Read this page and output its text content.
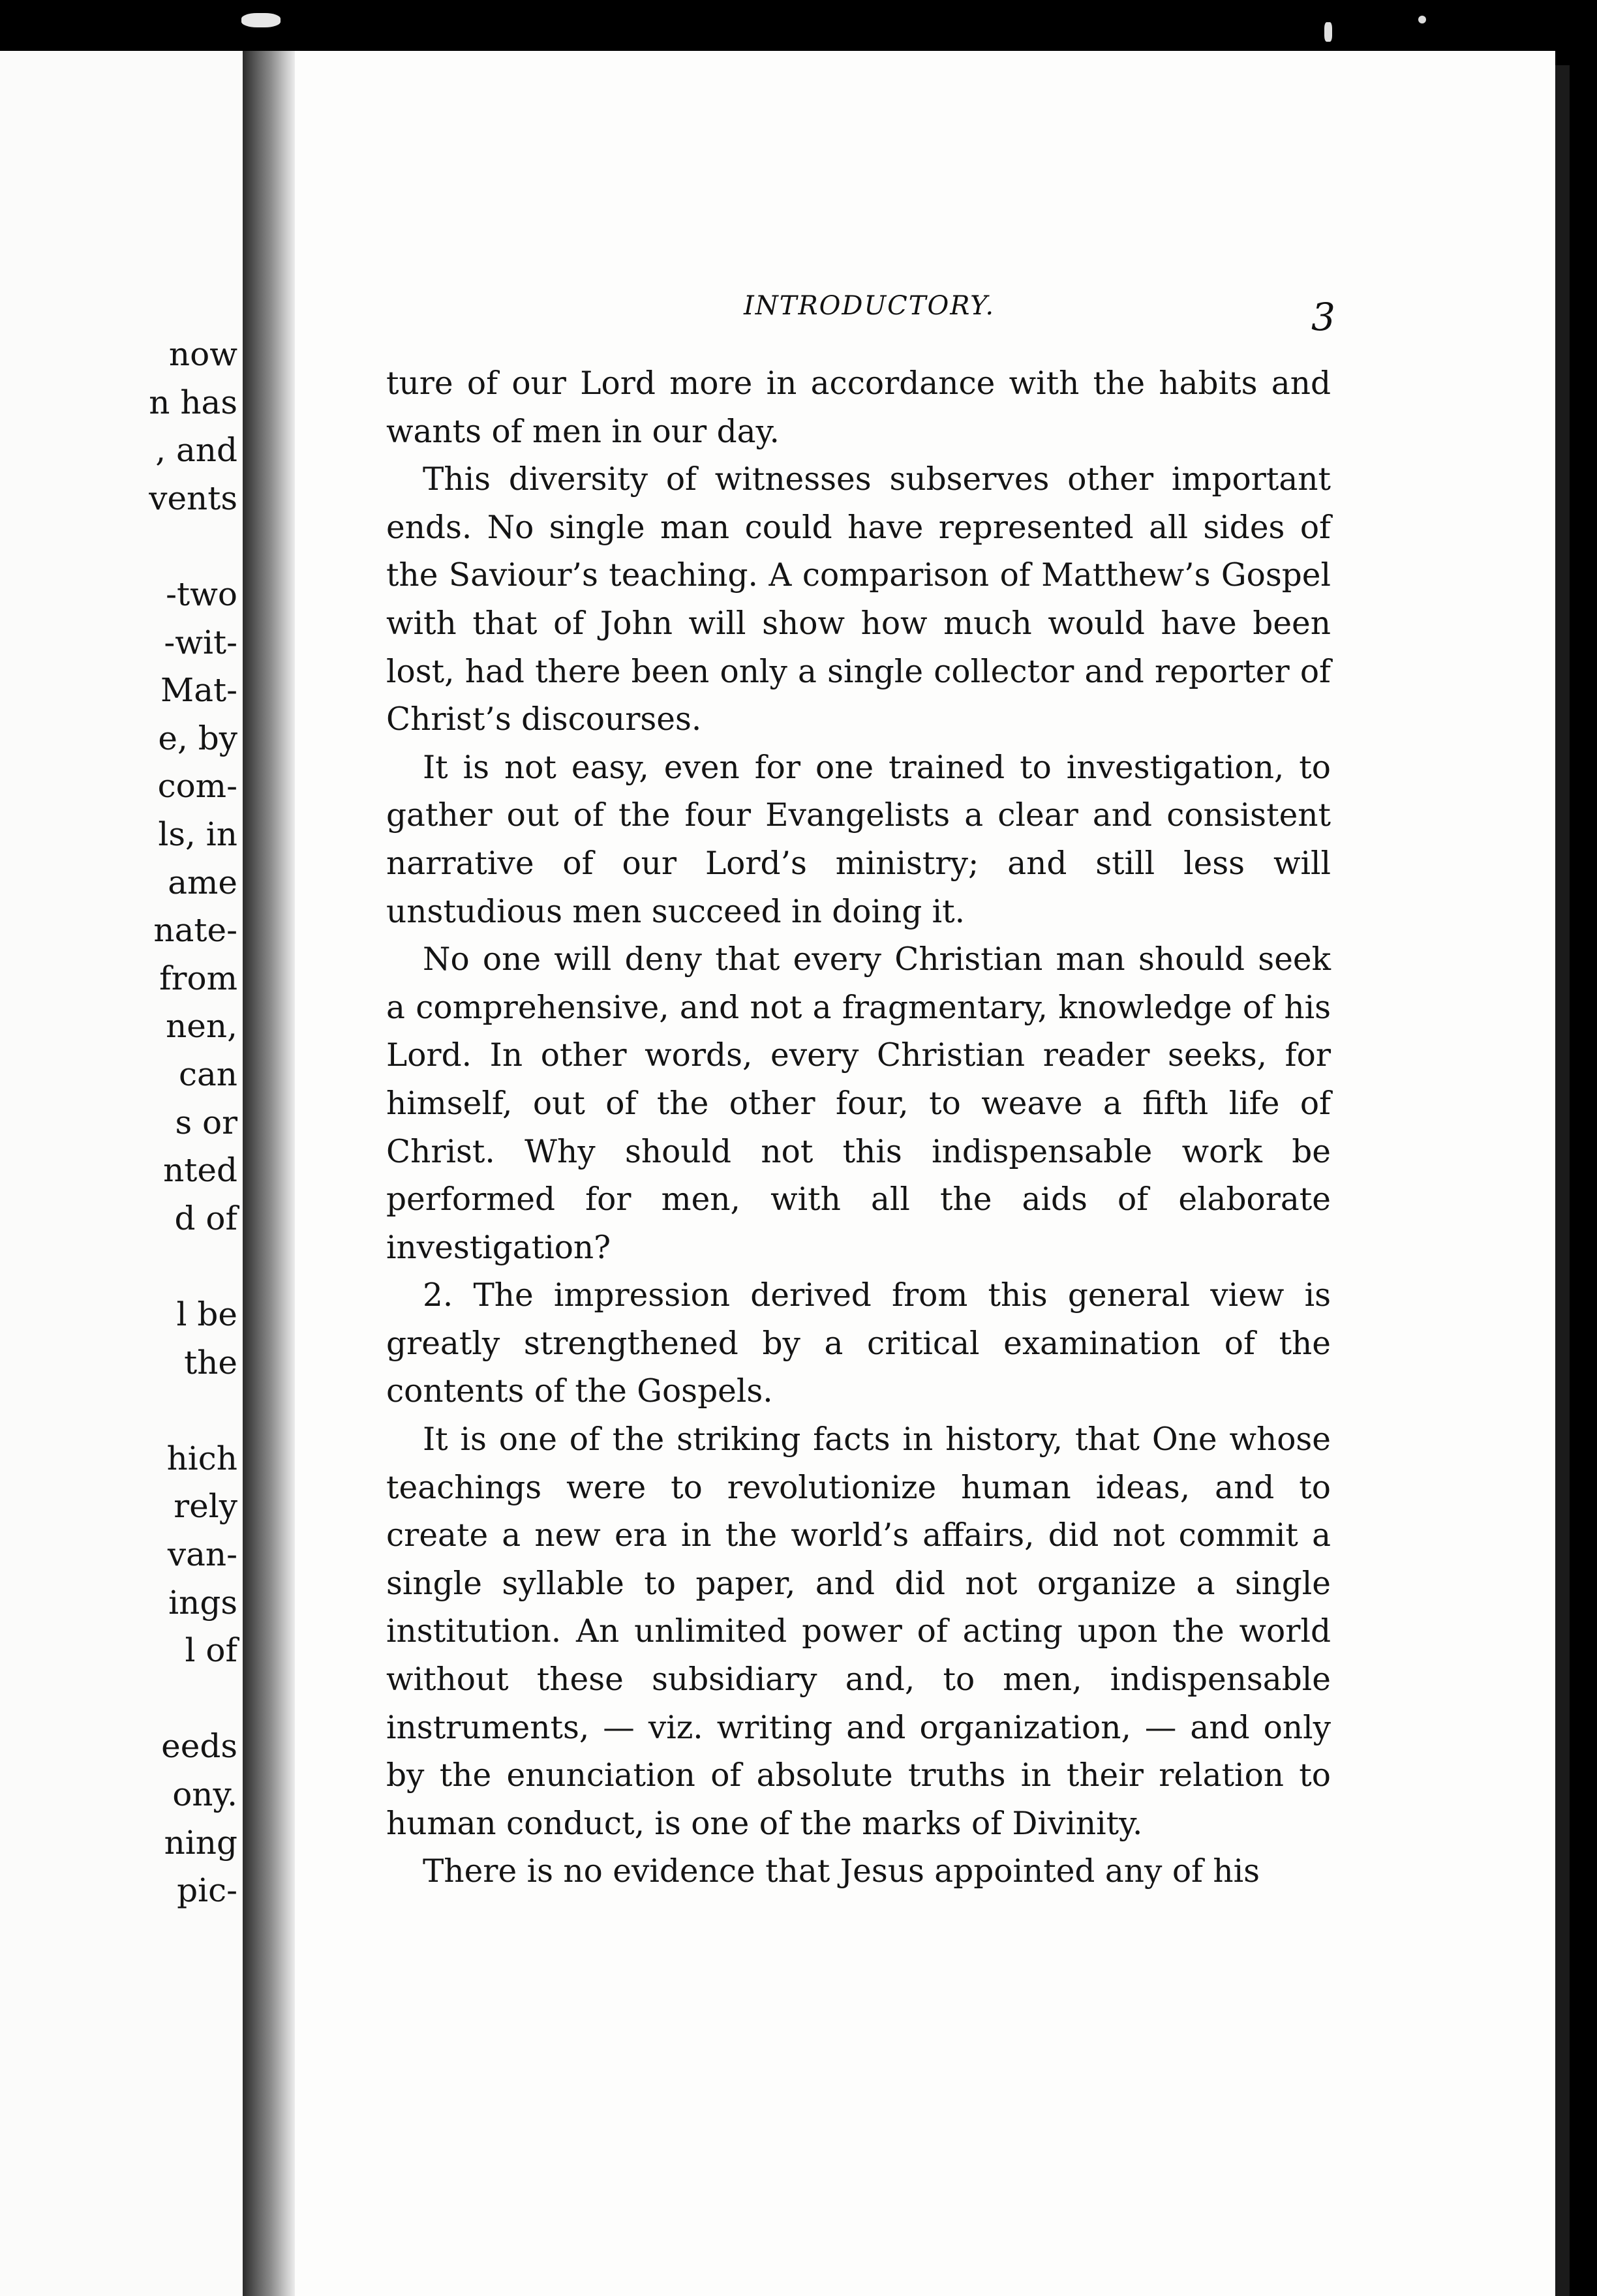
now
n has
, and
vents
-two
-wit-
Mat-
e, by
com-
ls, in
ame
nate-
from
nen,
can
s or
nted
d of
l be
the
hich
rely
van-
ings
l of
eeds
ony.
ning
pic-
INTRODUCTORY.	3

ture of our Lord more in accordance with the habits and wants of men in our day.

This diversity of witnesses subserves other important ends. No single man could have represented all sides of the Saviour’s teaching. A comparison of Matthew’s Gospel with that of John will show how much would have been lost, had there been only a single collector and reporter of Christ’s discourses.

It is not easy, even for one trained to investigation, to gather out of the four Evangelists a clear and consistent narrative of our Lord’s ministry; and still less will unstudious men succeed in doing it.

No one will deny that every Christian man should seek a comprehensive, and not a fragmentary, knowledge of his Lord. In other words, every Christian reader seeks, for himself, out of the other four, to weave a fifth life of Christ. Why should not this indispensable work be performed for men, with all the aids of elaborate investigation?

2. The impression derived from this general view is greatly strengthened by a critical examination of the contents of the Gospels.

It is one of the striking facts in history, that One whose teachings were to revolutionize human ideas, and to create a new era in the world’s affairs, did not commit a single syllable to paper, and did not organize a single institution. An unlimited power of acting upon the world without these subsidiary and, to men, indispensable instruments, — viz. writing and organization, — and only by the enunciation of absolute truths in their relation to human conduct, is one of the marks of Divinity.

There is no evidence that Jesus appointed any of his
